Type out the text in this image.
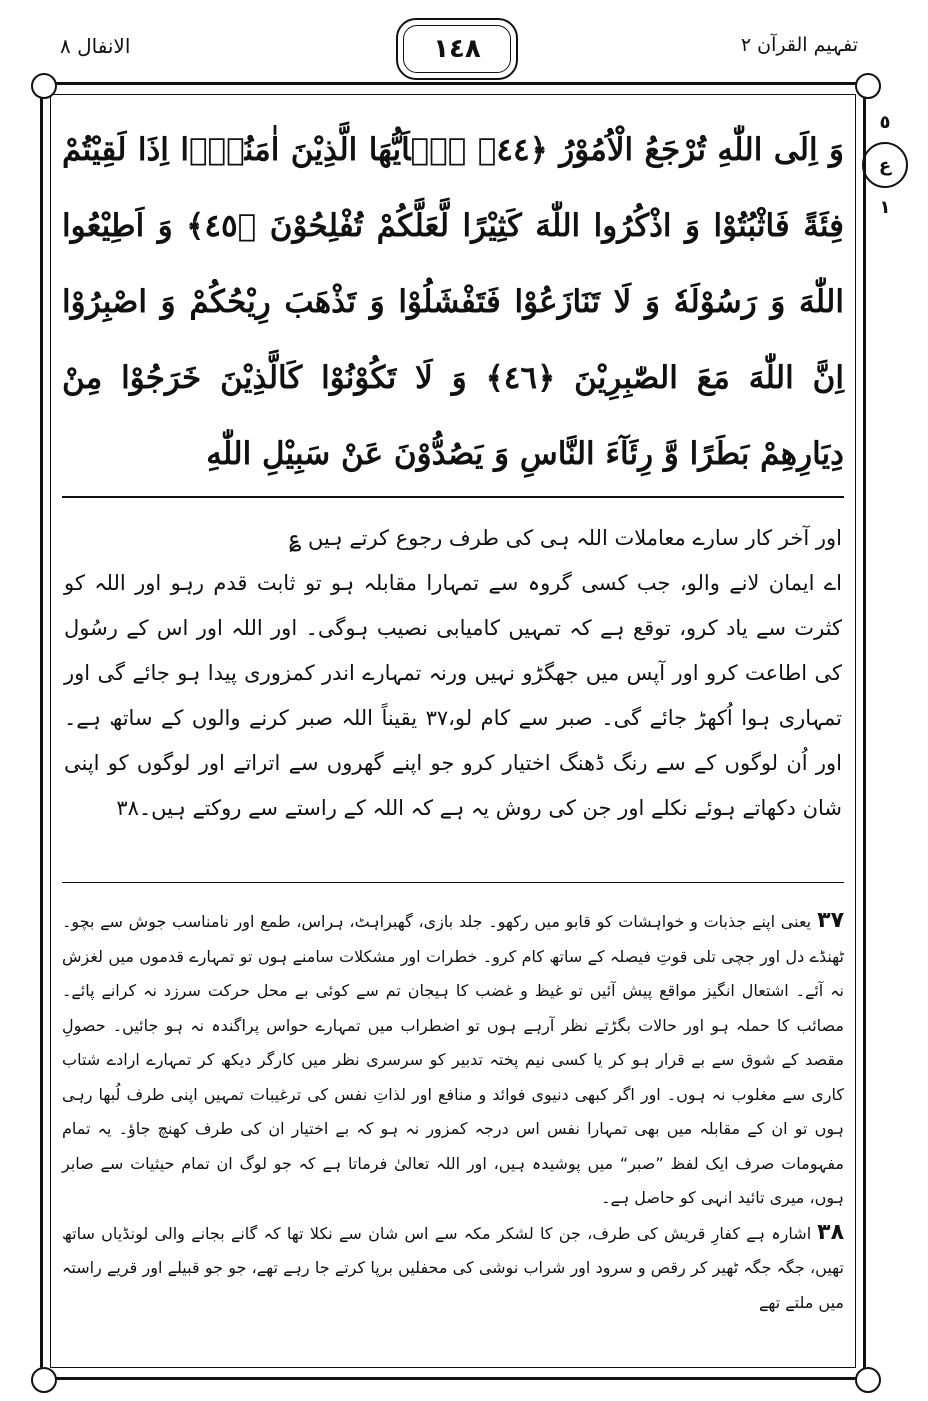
الانفال ٨	١٤٨	تفہیم القرآن ۲
٥
ع
١
وَ اِلَى اللّٰهِ تُرْجَعُ الْاُمُوْرُ ﴿٤٤﴾ يٰۤاَيُّهَا الَّذِيْنَ اٰمَنُوْۤا اِذَا لَقِيْتُمْ فِئَةً فَاثْبُتُوْا وَ اذْكُرُوا اللّٰهَ كَثِيْرًا لَّعَلَّكُمْ تُفْلِحُوْنَ ﴿٤٥﴾ وَ اَطِيْعُوا اللّٰهَ وَ رَسُوْلَهٗ وَ لَا تَنَازَعُوْا فَتَفْشَلُوْا وَ تَذْهَبَ رِيْحُكُمْ وَ اصْبِرُوْا اِنَّ اللّٰهَ مَعَ الصّٰبِرِيْنَ ﴿٤٦﴾ وَ لَا تَكُوْنُوْا كَالَّذِيْنَ خَرَجُوْا مِنْ دِيَارِهِمْ بَطَرًا وَّ رِئَآءَ النَّاسِ وَ يَصُدُّوْنَ عَنْ سَبِيْلِ اللّٰهِ

اور آخر کار سارے معاملات اللہ ہی کی طرف رجوع کرتے ہیں ؏

اے ایمان لانے والو، جب کسی گروہ سے تمہارا مقابلہ ہو تو ثابت قدم رہو اور اللہ کو کثرت سے یاد کرو، توقع ہے کہ تمہیں کامیابی نصیب ہوگی۔ اور اللہ اور اس کے رسُول کی اطاعت کرو اور آپس میں جھگڑو نہیں ورنہ تمہارے اندر کمزوری پیدا ہو جائے گی اور تمہاری ہوا اُکھڑ جائے گی۔ صبر سے کام لو،۳۷ یقیناً اللہ صبر کرنے والوں کے ساتھ ہے۔ اور اُن لوگوں کے سے رنگ ڈھنگ اختیار کرو جو اپنے گھروں سے اتراتے اور لوگوں کو اپنی شان دکھاتے ہوئے نکلے اور جن کی روش یہ ہے کہ اللہ کے راستے سے روکتے ہیں۔۳۸

۳۷یعنی اپنے جذبات و خواہشات کو قابو میں رکھو۔ جلد بازی، گھبراہٹ، ہراس، طمع اور نامناسب جوش سے بچو۔ ٹھنڈے دل اور جچی تلی قوتِ فیصلہ کے ساتھ کام کرو۔ خطرات اور مشکلات سامنے ہوں تو تمہارے قدموں میں لغزش نہ آئے۔ اشتعال انگیز مواقع پیش آئیں تو غیظ و غضب کا ہیجان تم سے کوئی بے محل حرکت سرزد نہ کرانے پائے۔ مصائب کا حملہ ہو اور حالات بگڑتے نظر آرہے ہوں تو اضطراب میں تمہارے حواس پراگندہ نہ ہو جائیں۔ حصولِ مقصد کے شوق سے بے قرار ہو کر یا کسی نیم پختہ تدبیر کو سرسری نظر میں کارگر دیکھ کر تمہارے ارادے شتاب کاری سے مغلوب نہ ہوں۔ اور اگر کبھی دنیوی فوائد و منافع اور لذاتِ نفس کی ترغیبات تمہیں اپنی طرف لُبھا رہی ہوں تو ان کے مقابلہ میں بھی تمہارا نفس اس درجہ کمزور نہ ہو کہ بے اختیار ان کی طرف کھنچ جاؤ۔ یہ تمام مفہومات صرف ایک لفظ ”صبر“ میں پوشیدہ ہیں، اور اللہ تعالیٰ فرماتا ہے کہ جو لوگ ان تمام حیثیات سے صابر ہوں، میری تائید انہی کو حاصل ہے۔

۳۸اشارہ ہے کفارِ قریش کی طرف، جن کا لشکر مکہ سے اس شان سے نکلا تھا کہ گانے بجانے والی لونڈیاں ساتھ تھیں، جگہ جگہ ٹھیر کر رقص و سرود اور شراب نوشی کی محفلیں برپا کرتے جا رہے تھے، جو جو قبیلے اور قریے راستہ میں ملتے تھے
